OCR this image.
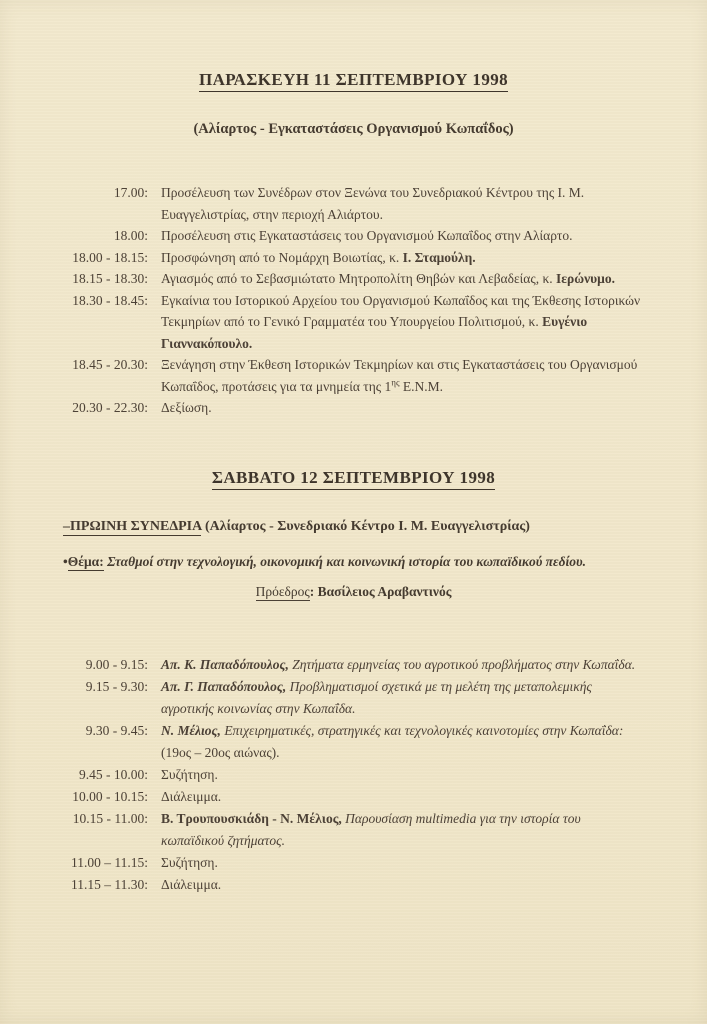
ΠΑΡΑΣΚΕΥΗ 11 ΣΕΠΤΕΜΒΡΙΟΥ 1998
(Αλίαρτος - Εγκαταστάσεις Οργανισμού Κωπαΐδος)
17.00: Προσέλευση των Συνέδρων στον Ξενώνα του Συνεδριακού Κέντρου της Ι. Μ. Ευαγγελιστρίας, στην περιοχή Αλιάρτου.
18.00: Προσέλευση στις Εγκαταστάσεις του Οργανισμού Κωπαΐδος στην Αλίαρτο.
18.00 - 18.15: Προσφώνηση από το Νομάρχη Βοιωτίας, κ. Ι. Σταμούλη.
18.15 - 18.30: Αγιασμός από το Σεβασμιώτατο Μητροπολίτη Θηβών και Λεβαδείας, κ. Ιερώνυμο.
18.30 - 18.45: Εγκαίνια του Ιστορικού Αρχείου του Οργανισμού Κωπαΐδος και της Έκθεσης Ιστορικών Τεκμηρίων από το Γενικό Γραμματέα του Υπουργείου Πολιτισμού, κ. Ευγένιο Γιαννακόπουλο.
18.45 - 20.30: Ξενάγηση στην Έκθεση Ιστορικών Τεκμηρίων και στις Εγκαταστάσεις του Οργανισμού Κωπαΐδος, προτάσεις για τα μνημεία της $1^{\eta\varsigma}$ Ε.Ν.Μ.
20.30 - 22.30: Δεξίωση.
ΣΑΒΒΑΤΟ 12 ΣΕΠΤΕΜΒΡΙΟΥ 1998
–ΠΡΩΙΝΗ ΣΥΝΕΔΡΙΑ (Αλίαρτος - Συνεδριακό Κέντρο Ι. Μ. Ευαγγελιστρίας)
•Θέμα: Σταθμοί στην τεχνολογική, οικονομική και κοινωνική ιστορία του κωπαϊδικού πεδίου.
Πρόεδρος: Βασίλειος Αραβαντινός
9.00 - 9.15: Απ. Κ. Παπαδόπουλος, Ζητήματα ερμηνείας του αγροτικού προβλήματος στην Κωπαΐδα.
9.15 - 9.30: Απ. Γ. Παπαδόπουλος, Προβληματισμοί σχετικά με τη μελέτη της μεταπολεμικής αγροτικής κοινωνίας στην Κωπαΐδα.
9.30 - 9.45: Ν. Μέλιος, Επιχειρηματικές, στρατηγικές και τεχνολογικές καινοτομίες στην Κωπαΐδα: (19ος – 20ος αιώνας).
9.45 - 10.00: Συζήτηση.
10.00 - 10.15: Διάλειμμα.
10.15 - 11.00: Β. Τρουπουσκιάδη - Ν. Μέλιος, Παρουσίαση multimedia για την ιστορία του κωπαϊδικού ζητήματος.
11.00 – 11.15: Συζήτηση.
11.15 – 11.30: Διάλειμμα.
